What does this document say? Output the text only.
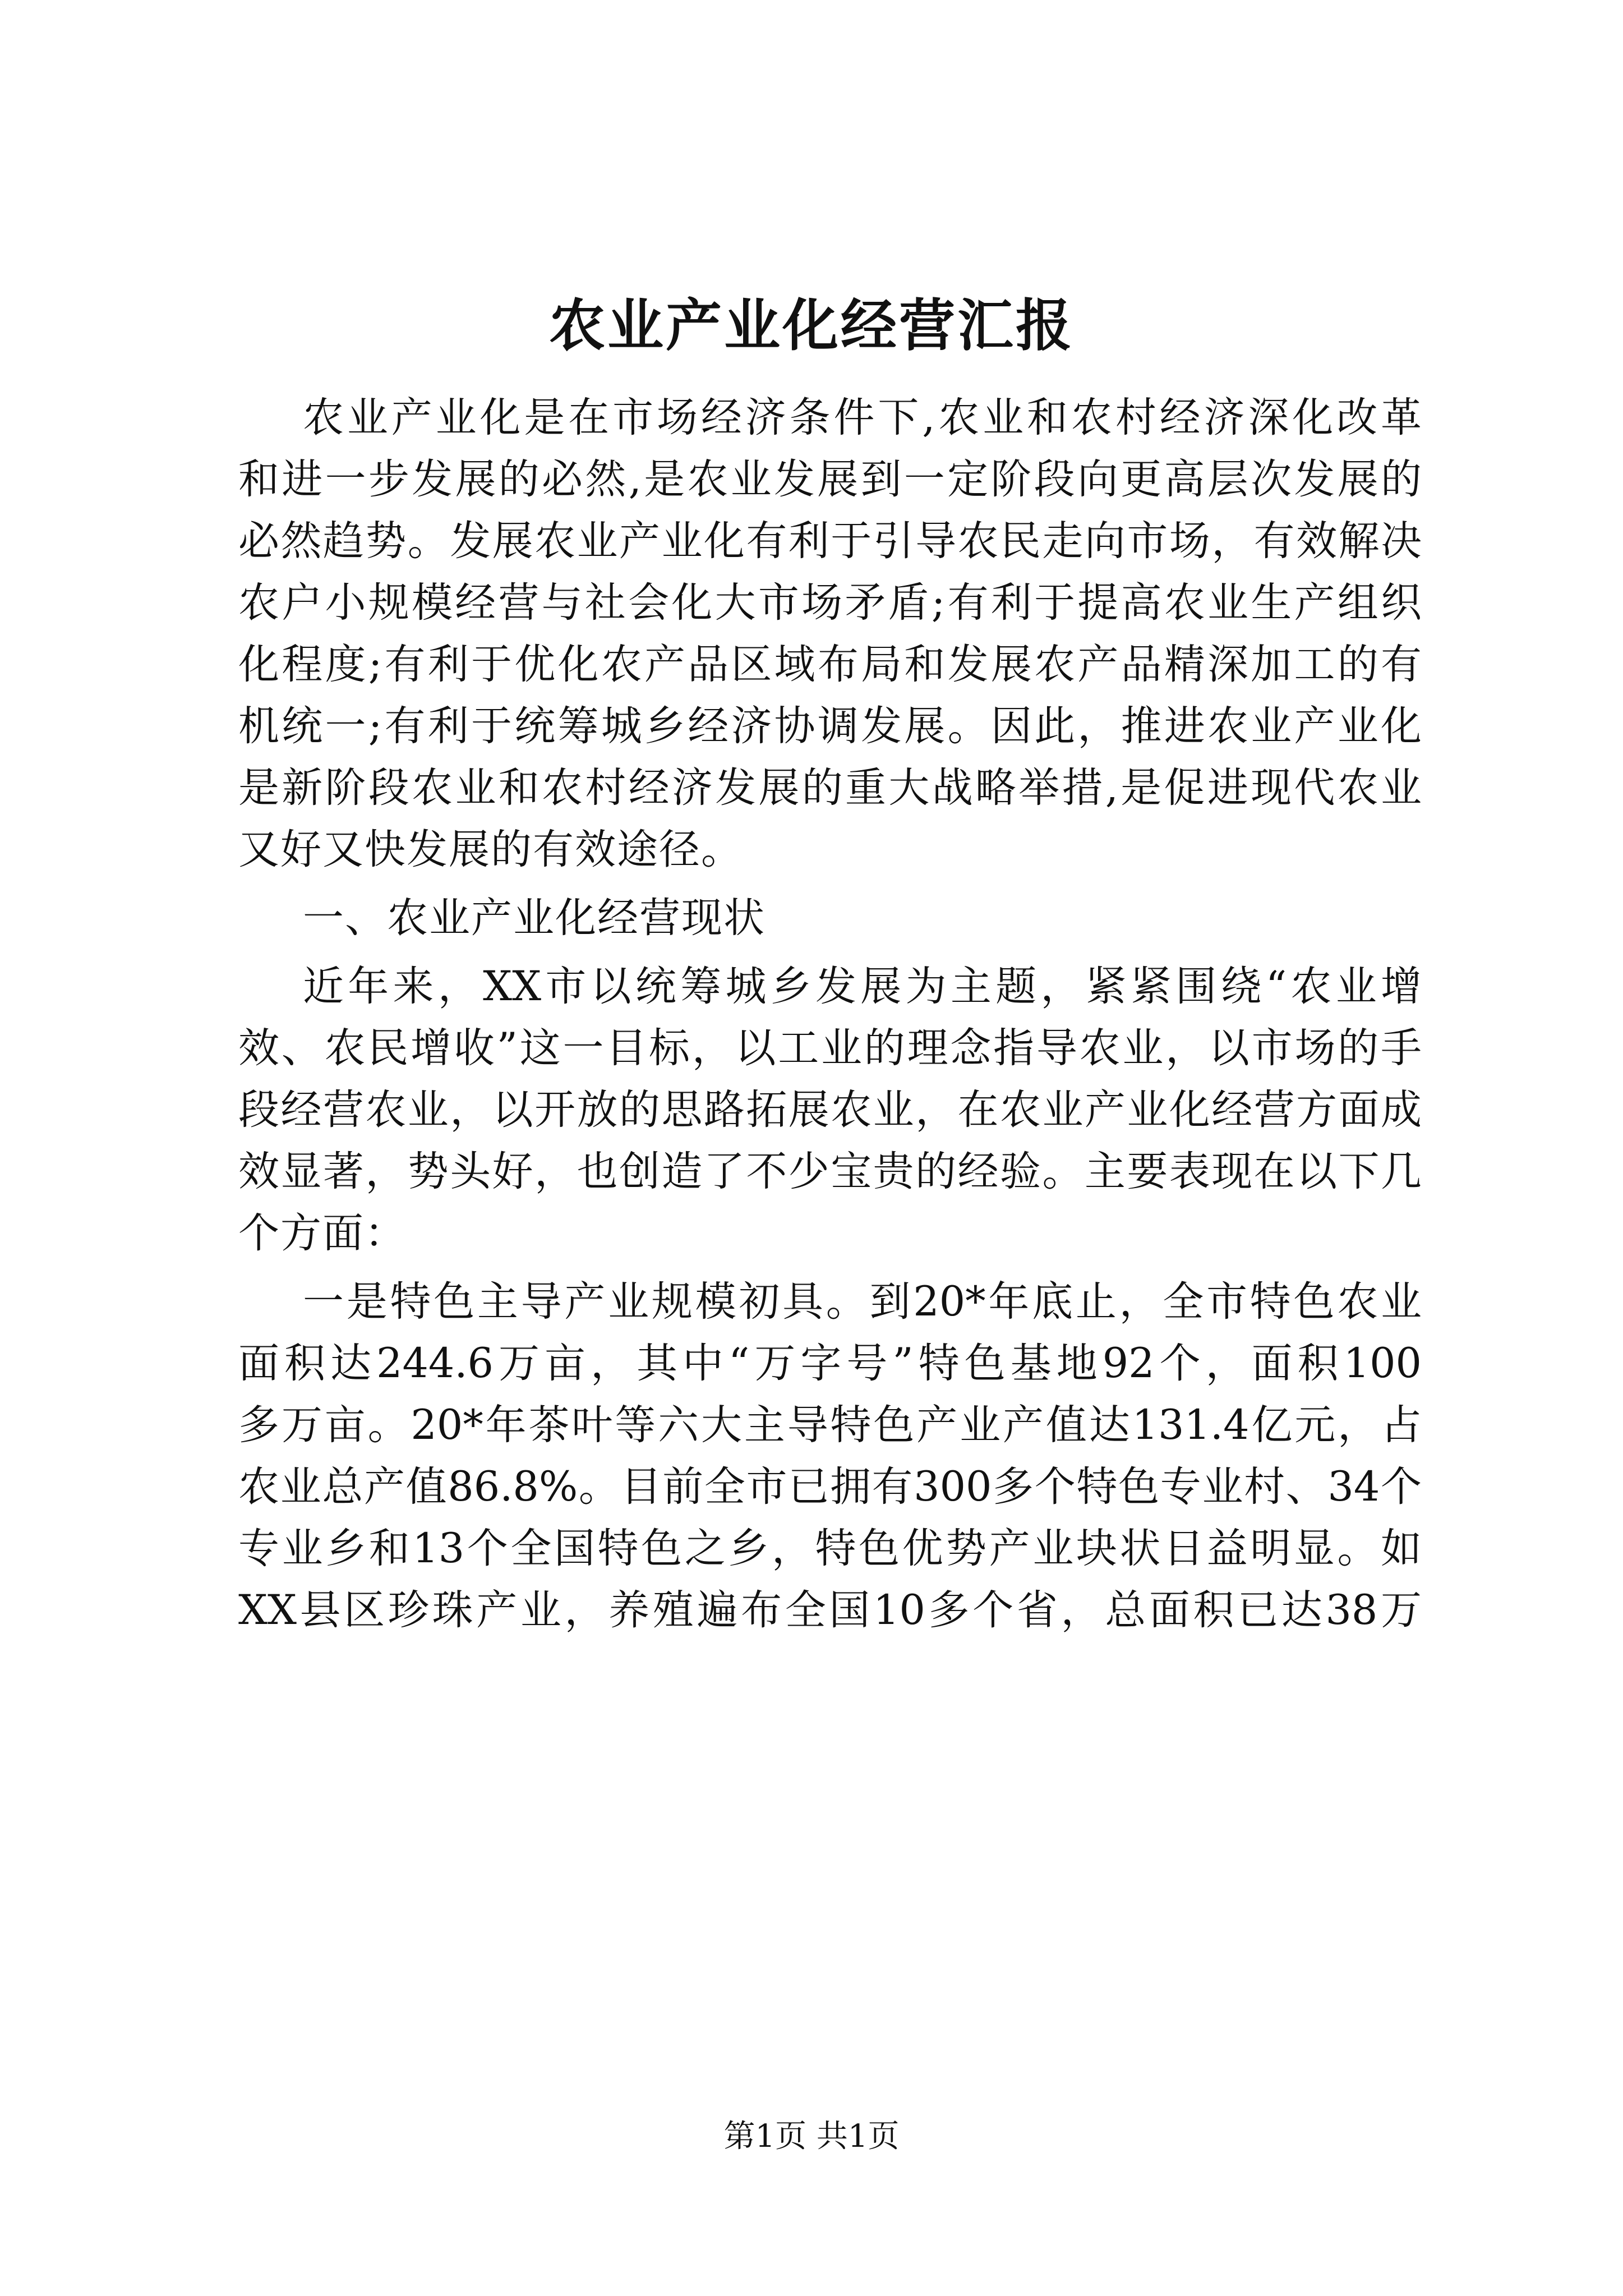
农业产业化经营汇报

农业产业化是在市场经济条件下,农业和农村经济深化改革

和进一步发展的必然,是农业发展到一定阶段向更高层次发展的

必然趋势。发展农业产业化有利于引导农民走向市场，有效解决

农户小规模经营与社会化大市场矛盾;有利于提高农业生产组织

化程度;有利于优化农产品区域布局和发展农产品精深加工的有

机统一;有利于统筹城乡经济协调发展。因此，推进农业产业化

是新阶段农业和农村经济发展的重大战略举措,是促进现代农业

又好又快发展的有效途径。

一、农业产业化经营现状

近年来，XX市以统筹城乡发展为主题，紧紧围绕“农业增

效、农民增收”这一目标，以工业的理念指导农业，以市场的手

段经营农业，以开放的思路拓展农业，在农业产业化经营方面成

效显著，势头好，也创造了不少宝贵的经验。主要表现在以下几

个方面：

一是特色主导产业规模初具。到20*年底止，全市特色农业

面积达244.6万亩，其中“万字号”特色基地92个，面积100

多万亩。20*年茶叶等六大主导特色产业产值达131.4亿元，占

农业总产值86.8%。目前全市已拥有300多个特色专业村、34个

专业乡和13个全国特色之乡，特色优势产业块状日益明显。如

XX县区珍珠产业，养殖遍布全国10多个省，总面积已达38万

第1页 共1页
